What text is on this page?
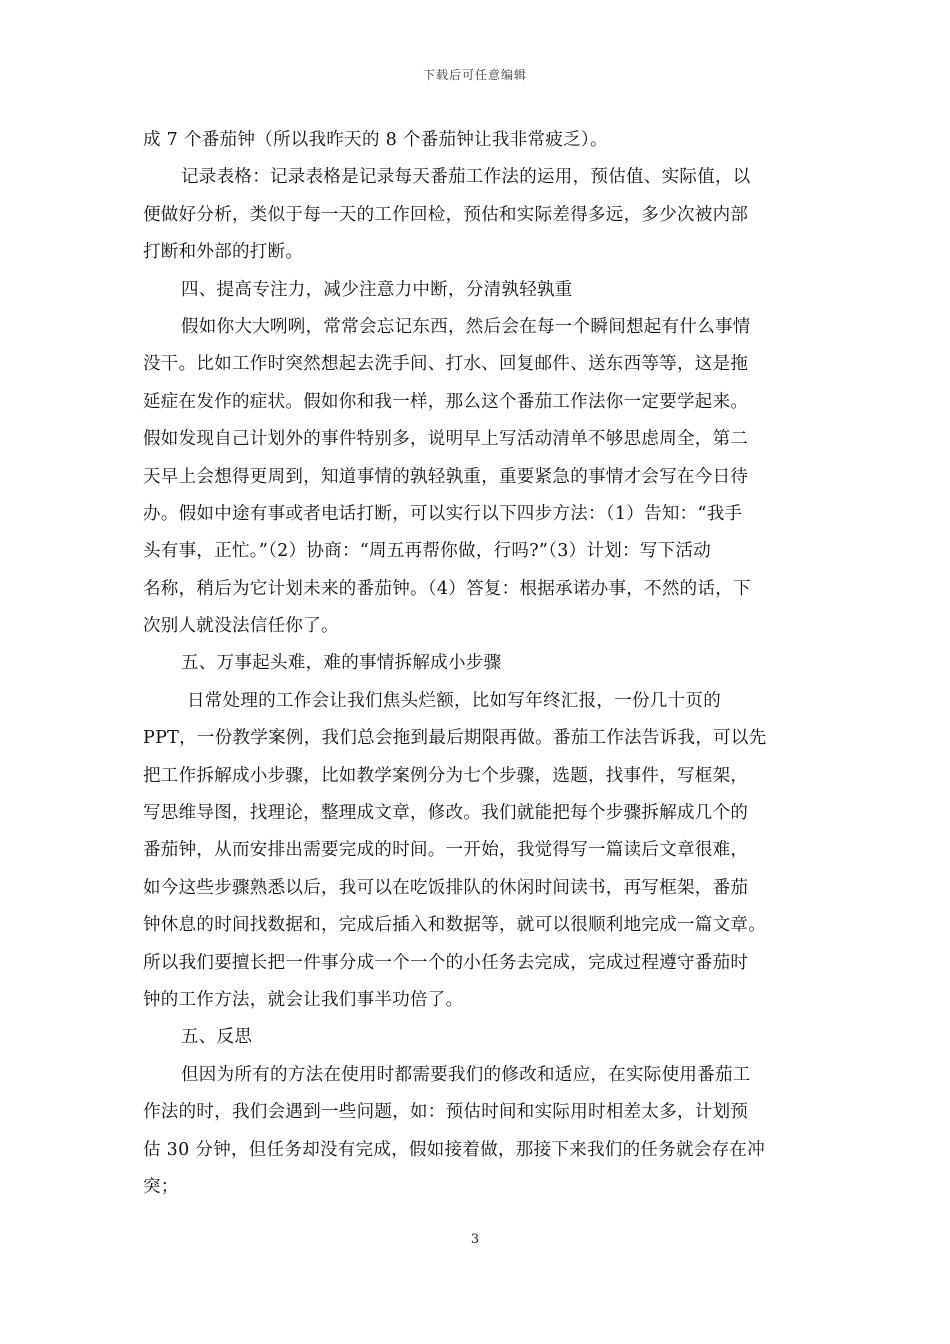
下载后可任意编辑
成 7 个番茄钟（所以我昨天的 8 个番茄钟让我非常疲乏）。
记录表格：记录表格是记录每天番茄工作法的运用，预估值、实际值，以
便做好分析，类似于每一天的工作回检，预估和实际差得多远，多少次被内部
打断和外部的打断。
四、提高专注力，减少注意力中断，分清孰轻孰重
假如你大大咧咧，常常会忘记东西，然后会在每一个瞬间想起有什么事情
没干。比如工作时突然想起去洗手间、打水、回复邮件、送东西等等，这是拖
延症在发作的症状。假如你和我一样，那么这个番茄工作法你一定要学起来。
假如发现自己计划外的事件特别多，说明早上写活动清单不够思虑周全，第二
天早上会想得更周到，知道事情的孰轻孰重，重要紧急的事情才会写在今日待
办。假如中途有事或者电话打断，可以实行以下四步方法：（1）告知：“我手
头有事，正忙。”（2）协商：“周五再帮你做，行吗?”（3）计划：写下活动
名称，稍后为它计划未来的番茄钟。（4）答复：根据承诺办事，不然的话，下
次别人就没法信任你了。
五、万事起头难，难的事情拆解成小步骤
日常处理的工作会让我们焦头烂额，比如写年终汇报，一份几十页的
PPT，一份教学案例，我们总会拖到最后期限再做。番茄工作法告诉我，可以先
把工作拆解成小步骤，比如教学案例分为七个步骤，选题，找事件，写框架，
写思维导图，找理论，整理成文章，修改。我们就能把每个步骤拆解成几个的
番茄钟，从而安排出需要完成的时间。一开始，我觉得写一篇读后文章很难，
如今这些步骤熟悉以后，我可以在吃饭排队的休闲时间读书，再写框架，番茄
钟休息的时间找数据和，完成后插入和数据等，就可以很顺利地完成一篇文章。
所以我们要擅长把一件事分成一个一个的小任务去完成，完成过程遵守番茄时
钟的工作方法，就会让我们事半功倍了。
五、反思
但因为所有的方法在使用时都需要我们的修改和适应，在实际使用番茄工
作法的时，我们会遇到一些问题，如：预估时间和实际用时相差太多，计划预
估 30 分钟，但任务却没有完成，假如接着做，那接下来我们的任务就会存在冲
突；
3
